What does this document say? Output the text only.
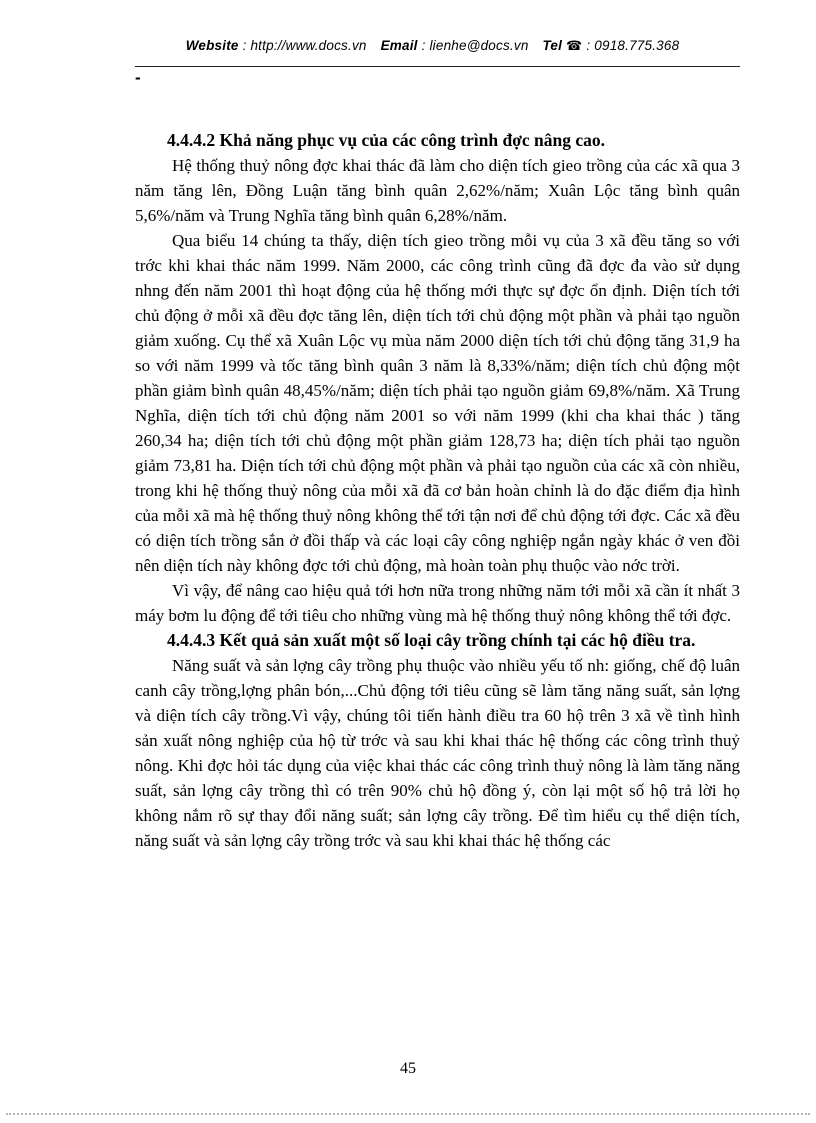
Website : http://www.docs.vn Email : lienhe@docs.vn Tel ☎ : 0918.775.368
-
4.4.4.2 Khả năng phục vụ của các công trình đợc nâng cao.

Hệ thống thuỷ nông đợc khai thác đã làm cho diện tích gieo trồng của các xã qua 3 năm tăng lên, Đồng Luận tăng bình quân 2,62%/năm; Xuân Lộc tăng bình quân 5,6%/năm và Trung Nghĩa tăng bình quân 6,28%/năm.

Qua biểu 14 chúng ta thấy, diện tích gieo trồng mỗi vụ của 3 xã đều tăng so với trớc khi khai thác năm 1999. Năm 2000, các công trình cũng đã đợc đa vào sử dụng nhng đến năm 2001 thì hoạt động của hệ thống mới thực sự đợc ổn định. Diện tích tới chủ động ở mỗi xã đều đợc tăng lên, diện tích tới chủ động một phần và phải tạo nguồn giảm xuống. Cụ thể xã Xuân Lộc vụ mùa năm 2000 diện tích tới chủ động tăng 31,9 ha so với năm 1999 và tốc tăng bình quân 3 năm là 8,33%/năm; diện tích chủ động một phần giảm bình quân 48,45%/năm; diện tích phải tạo nguồn giảm 69,8%/năm. Xã Trung Nghĩa, diện tích tới chủ động năm 2001 so với năm 1999 (khi cha khai thác ) tăng 260,34 ha; diện tích tới chủ động một phần giảm 128,73 ha; diện tích phải tạo nguồn giảm 73,81 ha. Diện tích tới chủ động một phần và phải tạo nguồn của các xã còn nhiều, trong khi hệ thống thuỷ nông của mỗi xã đã cơ bản hoàn chỉnh là do đặc điểm địa hình của mỗi xã mà hệ thống thuỷ nông không thể tới tận nơi để chủ động tới đợc. Các xã đều có diện tích trồng sắn ở đồi thấp và các loại cây công nghiệp ngắn ngày khác ở ven đồi nên diện tích này không đợc tới chủ động, mà hoàn toàn phụ thuộc vào nớc trời.

Vì vậy, để nâng cao hiệu quả tới hơn nữa trong những năm tới mỗi xã cần ít nhất 3 máy bơm lu động để tới tiêu cho những vùng mà hệ thống thuỷ nông không thể tới đợc.

4.4.4.3 Kết quả sản xuất một số loại cây trồng chính tại các hộ điều tra.

Năng suất và sản lợng cây trồng phụ thuộc vào nhiều yếu tố nh: giống, chế độ luân canh cây trồng,lợng phân bón,...Chủ động tới tiêu cũng sẽ làm tăng năng suất, sản lợng và diện tích cây trồng.Vì vậy, chúng tôi tiến hành điều tra 60 hộ trên 3 xã về tình hình sản xuất nông nghiệp của hộ từ trớc và sau khi khai thác hệ thống các công trình thuỷ nông. Khi đợc hỏi tác dụng của việc khai thác các công trình thuỷ nông là làm tăng năng suất, sản lợng cây trồng thì có trên 90% chủ hộ đồng ý, còn lại một số hộ trả lời họ không nắm rõ sự thay đổi năng suất; sản lợng cây trồng. Để tìm hiểu cụ thể diện tích, năng suất và sản lợng cây trồng trớc và sau khi khai thác hệ thống các

45
